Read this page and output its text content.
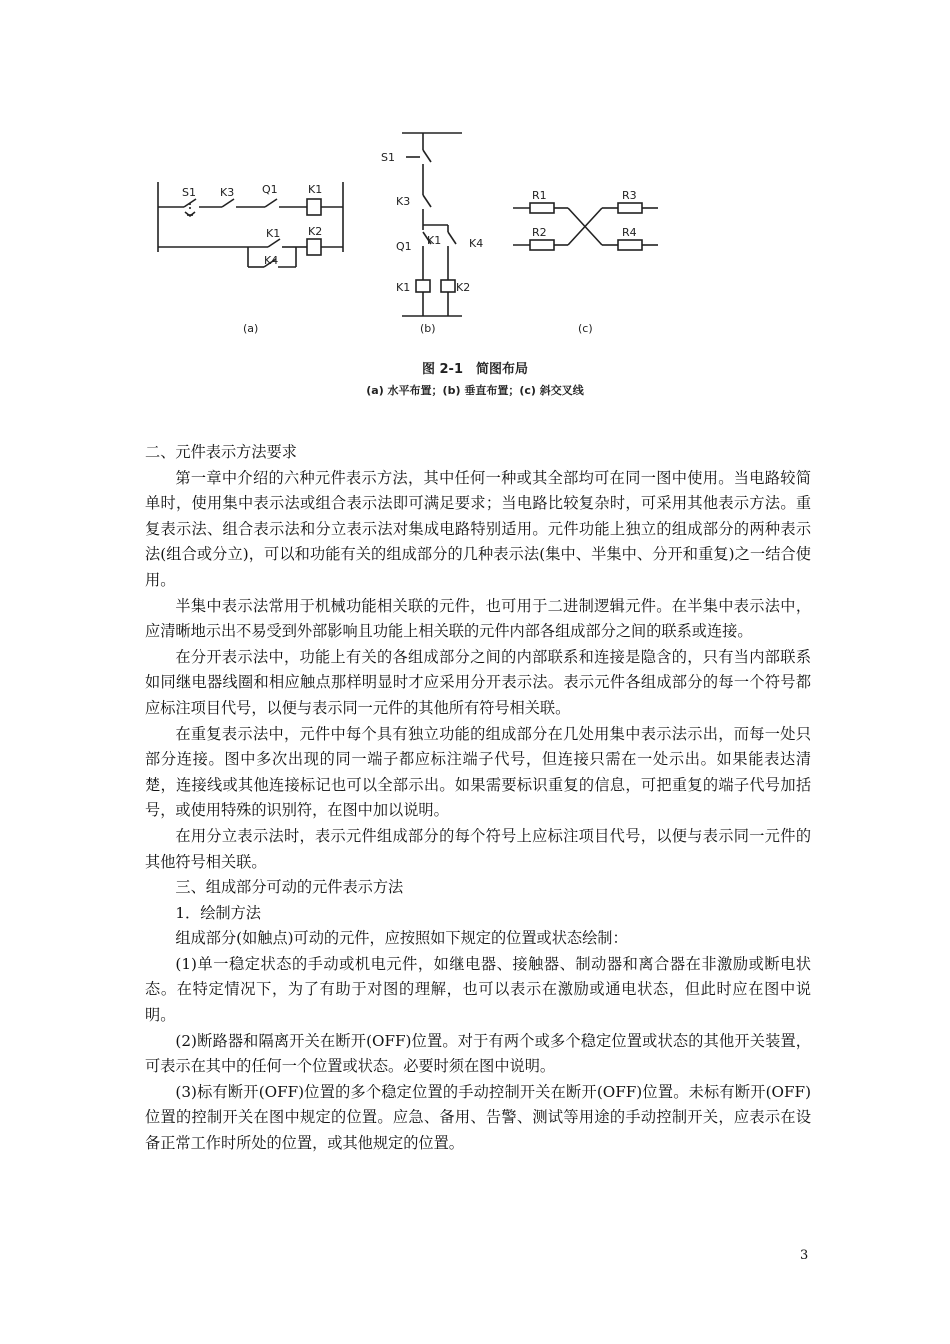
S1 K3	Q1	K1
K1	K2
K4
S1
K3
Q1 K1	K4
K1	K2
R1
R2
R3
R4
(a)	(b)	(c)
图 2-1　简图布局
(a) 水平布置；(b) 垂直布置；(c) 斜交叉线

二、元件表示方法要求

第一章中介绍的六种元件表示方法，其中任何一种或其全部均可在同一图中使用。当电路较简单时，使用集中表示法或组合表示法即可满足要求；当电路比较复杂时，可采用其他表示方法。重复表示法、组合表示法和分立表示法对集成电路特别适用。元件功能上独立的组成部分的两种表示法(组合或分立)，可以和功能有关的组成部分的几种表示法(集中、半集中、分开和重复)之一结合使用。

半集中表示法常用于机械功能相关联的元件，也可用于二进制逻辑元件。在半集中表示法中，应清晰地示出不易受到外部影响且功能上相关联的元件内部各组成部分之间的联系或连接。

在分开表示法中，功能上有关的各组成部分之间的内部联系和连接是隐含的，只有当内部联系如同继电器线圈和相应触点那样明显时才应采用分开表示法。表示元件各组成部分的每一个符号都应标注项目代号，以便与表示同一元件的其他所有符号相关联。

在重复表示法中，元件中每个具有独立功能的组成部分在几处用集中表示法示出，而每一处只部分连接。图中多次出现的同一端子都应标注端子代号，但连接只需在一处示出。如果能表达清楚，连接线或其他连接标记也可以全部示出。如果需要标识重复的信息，可把重复的端子代号加括号，或使用特殊的识别符，在图中加以说明。

在用分立表示法时，表示元件组成部分的每个符号上应标注项目代号，以便与表示同一元件的其他符号相关联。

三、组成部分可动的元件表示方法

1．绘制方法

组成部分(如触点)可动的元件，应按照如下规定的位置或状态绘制：

(1)单一稳定状态的手动或机电元件，如继电器、接触器、制动器和离合器在非激励或断电状态。在特定情况下，为了有助于对图的理解，也可以表示在激励或通电状态，但此时应在图中说明。

(2)断路器和隔离开关在断开(OFF)位置。对于有两个或多个稳定位置或状态的其他开关装置，可表示在其中的任何一个位置或状态。必要时须在图中说明。

(3)标有断开(OFF)位置的多个稳定位置的手动控制开关在断开(OFF)位置。未标有断开(OFF)位置的控制开关在图中规定的位置。应急、备用、告警、测试等用途的手动控制开关，应表示在设备正常工作时所处的位置，或其他规定的位置。

3
